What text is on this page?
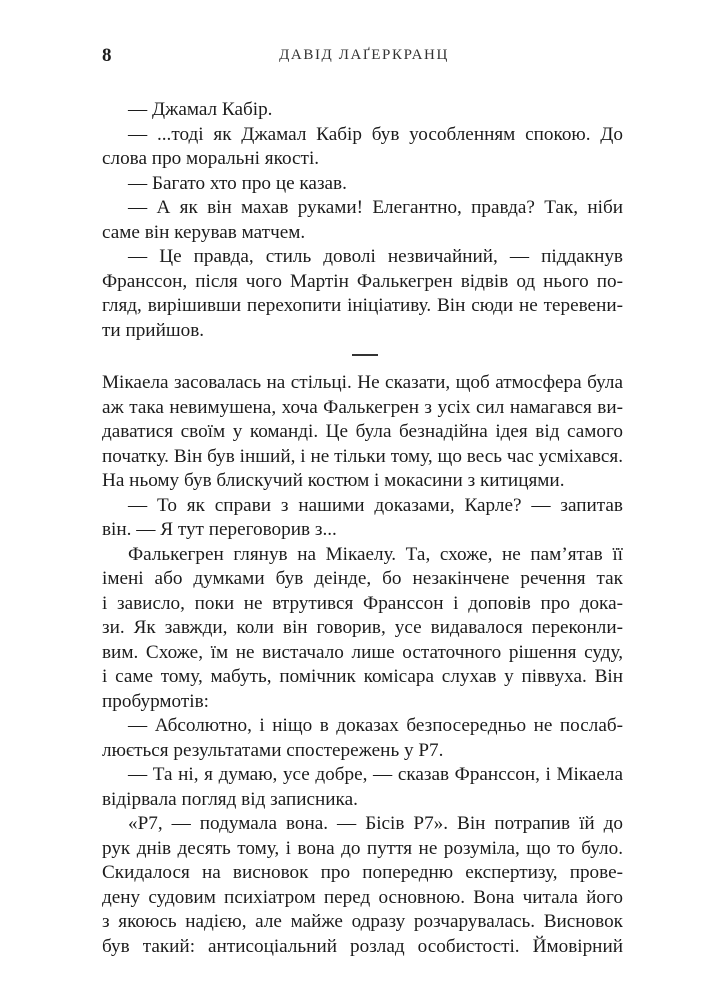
8	ДАВІД ЛАҐЕРКРАНЦ
— Джамал Кабір.
— ...тоді як Джамал Кабір був уособленням спокою. До
слова про моральні якості.
— Багато хто про це казав.
— А як він махав руками! Елегантно, правда? Так, ніби
саме він керував матчем.
— Це правда, стиль доволі незвичайний, — піддакнув
Франссон, після чого Мартін Фалькегрен відвів од нього по-
гляд, вирішивши перехопити ініціативу. Він сюди не теревени-
ти прийшов.
Мікаела засовалась на стільці. Не сказати, щоб атмосфера була
аж така невимушена, хоча Фалькегрен з усіх сил намагався ви-
даватися своїм у команді. Це була безнадійна ідея від самого
початку. Він був інший, і не тільки тому, що весь час усміхався.
На ньому був блискучий костюм і мокасини з китицями.
— То як справи з нашими доказами, Карле? — запитав
він. — Я тут переговорив з...
Фалькегрен глянув на Мікаелу. Та, схоже, не пам’ятав її
імені або думками був деінде, бо незакінчене речення так
і зависло, поки не втрутився Франссон і доповів про дока-
зи. Як завжди, коли він говорив, усе видавалося переконли-
вим. Схоже, їм не вистачало лише остаточного рішення суду,
і саме тому, мабуть, помічник комісара слухав у піввуха. Він
пробурмотів:
— Абсолютно, і ніщо в доказах безпосередньо не послаб-
люється результатами спостережень у Р7.
— Та ні, я думаю, усе добре, — сказав Франссон, і Мікаела
відірвала погляд від записника.
«Р7, — подумала вона. — Бісів Р7». Він потрапив їй до
рук днів десять тому, і вона до пуття не розуміла, що то було.
Скидалося на висновок про попередню експертизу, прове-
дену судовим психіатром перед основною. Вона читала його
з якоюсь надією, але майже одразу розчарувалась. Висновок
був такий: антисоціальний розлад особистості. Ймовірний
